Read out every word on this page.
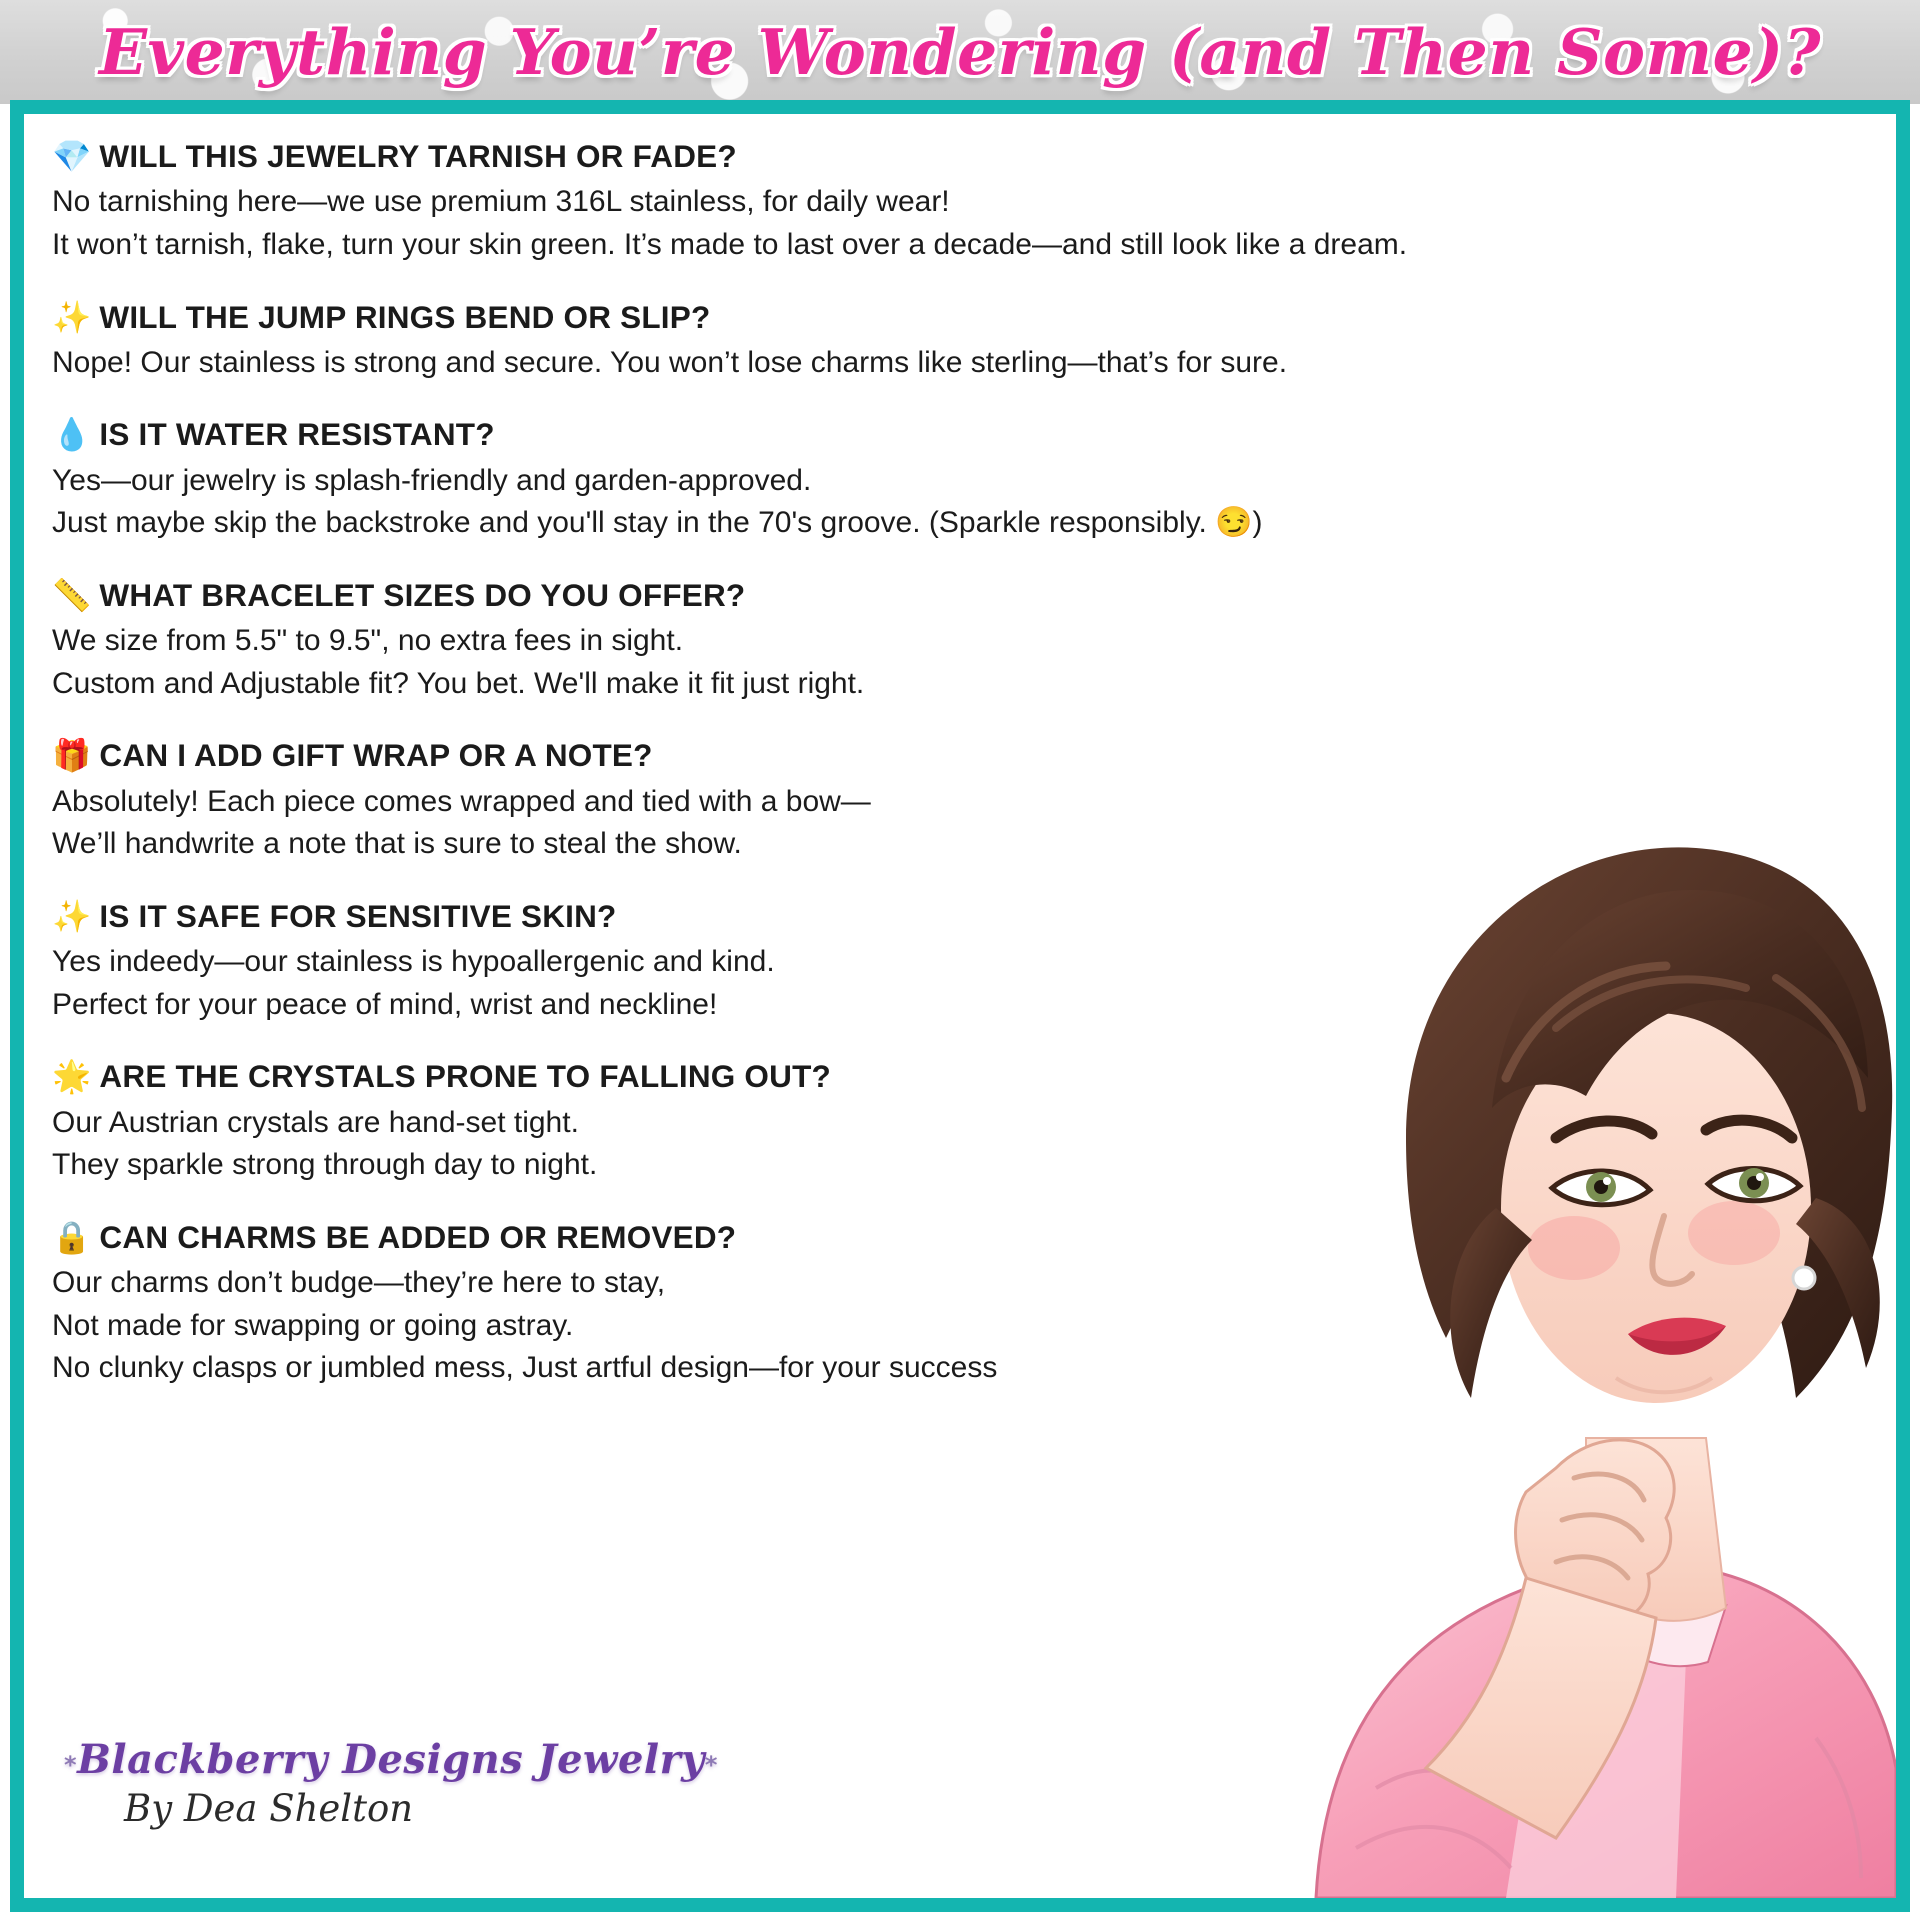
Everything You’re Wondering (and Then Some)?
💎 WILL THIS JEWELRY TARNISH OR FADE?
No tarnishing here—we use premium 316L stainless, for daily wear!
It won’t tarnish, flake, turn your skin green. It’s made to last over a decade—and still look like a dream.
✨ WILL THE JUMP RINGS BEND OR SLIP?
Nope! Our stainless is strong and secure. You won’t lose charms like sterling—that’s for sure.
💧 IS IT WATER RESISTANT?
Yes—our jewelry is splash-friendly and garden-approved.
Just maybe skip the backstroke and you'll stay in the 70's groove. (Sparkle responsibly. 😏)
📏 WHAT BRACELET SIZES DO YOU OFFER?
We size from 5.5" to 9.5", no extra fees in sight.
Custom and Adjustable fit? You bet. We'll make it fit just right.
🎁 CAN I ADD GIFT WRAP OR A NOTE?
Absolutely! Each piece comes wrapped and tied with a bow—
We’ll handwrite a note that is sure to steal the show.
✨ IS IT SAFE FOR SENSITIVE SKIN?
Yes indeedy—our stainless is hypoallergenic and kind.
Perfect for your peace of mind, wrist and neckline!
🌟 ARE THE CRYSTALS PRONE TO FALLING OUT?
Our Austrian crystals are hand-set tight.
They sparkle strong through day to night.
🔒 CAN CHARMS BE ADDED OR REMOVED?
Our charms don’t budge—they’re here to stay,
Not made for swapping or going astray.
No clunky clasps or jumbled mess, Just artful design—for your success
*Blackberry Designs Jewelry*
By Dea Shelton
